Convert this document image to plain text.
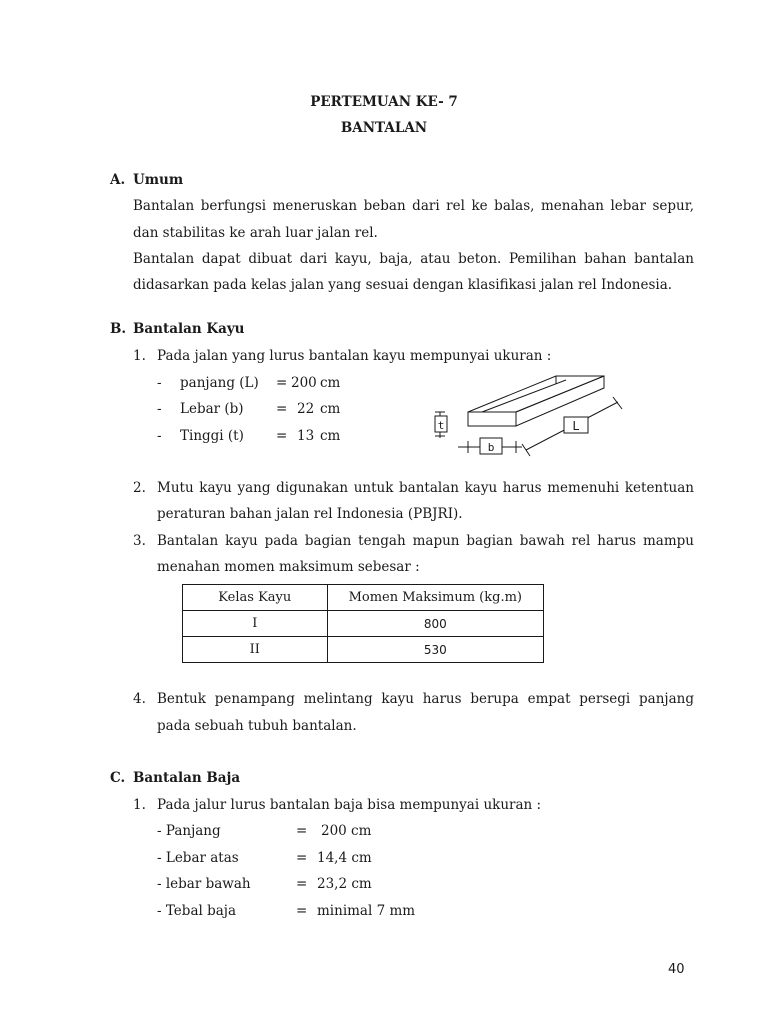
PERTEMUAN KE- 7
BANTALAN
A. Umum
Bantalan berfungsi meneruskan beban dari rel ke balas, menahan lebar sepur,
dan stabilitas ke arah luar jalan rel.
Bantalan dapat dibuat dari kayu, baja, atau beton. Pemilihan bahan bantalan
didasarkan pada kelas jalan yang sesuai dengan klasifikasi jalan rel Indonesia.
B. Bantalan Kayu
1. Pada jalan yang lurus bantalan kayu mempunyai ukuran :
- panjang (L) = 200 cm
- Lebar (b) = 22 cm
- Tinggi (t) = 13 cm
t
b
L
2. Mutu kayu yang digunakan untuk bantalan kayu harus memenuhi ketentuan
peraturan bahan jalan rel Indonesia (PBJRI).
3. Bantalan kayu pada bagian tengah mapun bagian bawah rel harus mampu
menahan momen maksimum sebesar :
Kelas Kayu	Momen Maksimum (kg.m)
I	800
II	530
4. Bentuk penampang melintang kayu harus berupa empat persegi panjang
pada sebuah tubuh bantalan.
C. Bantalan Baja
1. Pada jalur lurus bantalan baja bisa mempunyai ukuran :
- Panjang	= 200 cm
- Lebar atas	= 14,4 cm
- lebar bawah	= 23,2 cm
- Tebal baja	= minimal 7 mm
40
